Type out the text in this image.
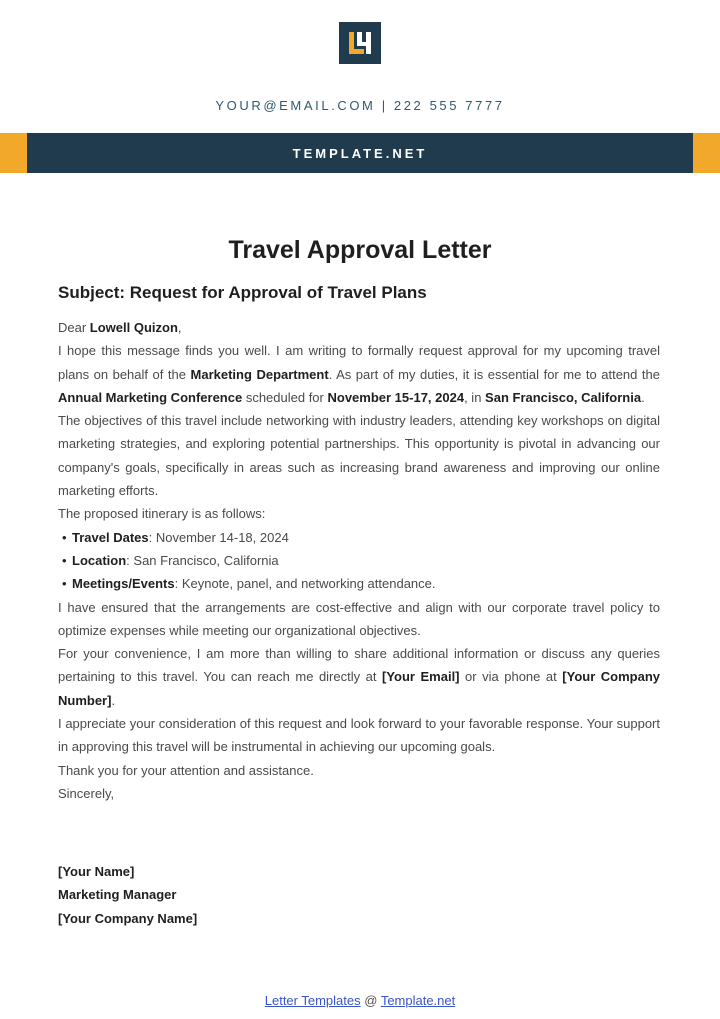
YOUR@EMAIL.COM | 222 555 7777
TEMPLATE.NET
Travel Approval Letter
Subject: Request for Approval of Travel Plans

Dear Lowell Quizon,

I hope this message finds you well. I am writing to formally request approval for my upcoming travel plans on behalf of the Marketing Department. As part of my duties, it is essential for me to attend the Annual Marketing Conference scheduled for November 15-17, 2024, in San Francisco, California.

The objectives of this travel include networking with industry leaders, attending key workshops on digital marketing strategies, and exploring potential partnerships. This opportunity is pivotal in advancing our company's goals, specifically in areas such as increasing brand awareness and improving our online marketing efforts.

The proposed itinerary is as follows:

• Travel Dates: November 14-18, 2024
• Location: San Francisco, California
• Meetings/Events: Keynote, panel, and networking attendance.

I have ensured that the arrangements are cost-effective and align with our corporate travel policy to optimize expenses while meeting our organizational objectives.

For your convenience, I am more than willing to share additional information or discuss any queries pertaining to this travel. You can reach me directly at [Your Email] or via phone at [Your Company Number].

I appreciate your consideration of this request and look forward to your favorable response. Your support in approving this travel will be instrumental in achieving our upcoming goals.

Thank you for your attention and assistance.

Sincerely,

[Your Name]
Marketing Manager
[Your Company Name]
Letter Templates @ Template.net
